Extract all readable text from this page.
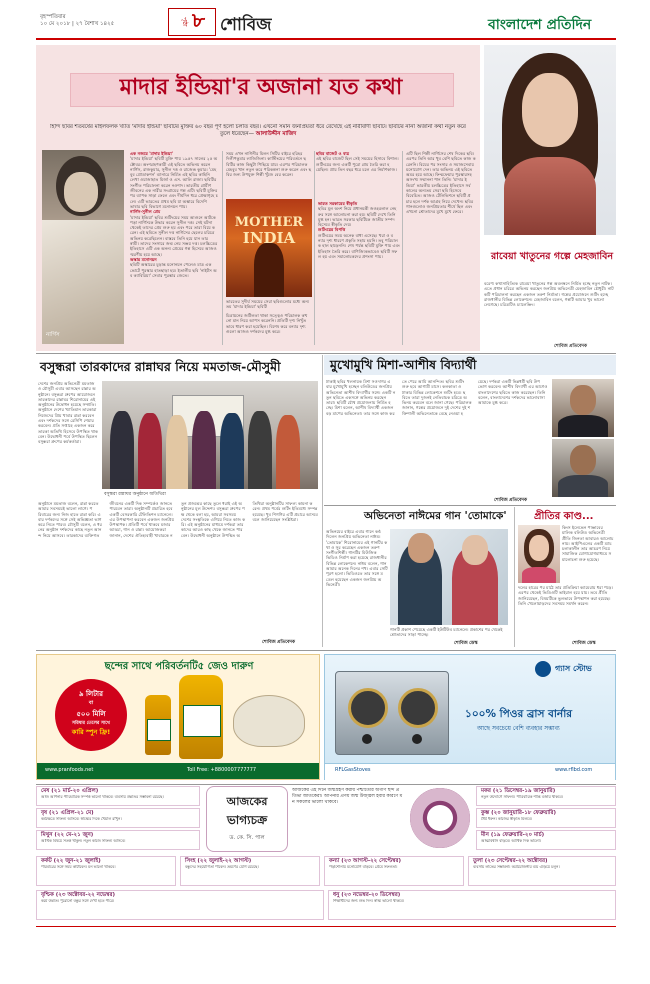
বৃহস্পতিবার
১০ মে ২০১৮ | ২৭ বৈশাখ ১৪২৫	পৃষ্ঠা ৮ শোবিজ	বাংলাদেশ প্রতিদিন
মাদার ইন্ডিয়া'র অজানা যত কথা
হিন্দি ছবির শতবর্ষের মাইলফলক খ্যাত 'মাদার ইন্ডিয়া' ছবিটির মুক্তির ৬০ বছর পূর্ণ হলো চলতি বছর। এখনো সমান জনপ্রিয়তা ধরে রেখেছে এই নারীবাদী ছবিটি। ছবিটির নানা অজানা কথা নতুন করে তুলে ধরেছেন— আলাউদ্দীন মাজিদ
নার্গিস
এক নজরে 'মাদার ইন্ডিয়া'
'মাদার ইন্ডিয়া' ছবিটি মুক্তি পায় ১৯৫৭ সালের ২৫ অক্টোবর। অংশগ্রহণকারী এই ছবিতে অভিনয় করেন নার্গিস, রাজকুমার, সুনীল দত্ত ও রাজেন্দ্র কুমার। 'মেহবুব প্রোডাকশন' ব্যানারে নির্মিত এই ছবির কাহিনি লেখা ওয়াজাহাত মির্জা ও এস. আলি রাজা। ছবিটির সংগীত পরিচালনা করেন নওশাদ। ভারতীয় গ্রামীণ জীবনের এক নারীর সংগ্রামের গল্প এটি। ছবিটি মুক্তির পর ব্যাপক সাড়া ফেলে এবং দীর্ঘদিন ধরে প্রেক্ষাগৃহে চলে। এটি ভারতের প্রথম ছবি যা অস্কারে বিদেশি ভাষার ছবি বিভাগে মনোনয়ন পায়।
নার্গিস-সুনীল প্রেম
'মাদার ইন্ডিয়া' ছবির শুটিংয়ের সময় আগুনে আটকে পড়া নার্গিসকে উদ্ধার করেন সুনীল দত্ত। সেই ঘটনা থেকেই তাদের প্রেম শুরু হয় এবং পরে তারা বিয়ে করেন। এই ছবিতে সুনীল দত্ত নার্গিসের ছেলের চরিত্রে অভিনয় করেছিলেন। বাস্তবে তিনি হয়ে যান তার স্বামী। তাদের সংসারে জন্ম নেয় সঞ্জয় দত্ত। চলচ্চিত্রের ইতিহাসে এটি এক অনন্য প্রেমের গল্প হিসেবে আজও স্মরণীয় হয়ে আছে।
অস্কার মনোনয়ন
ছবিটি অস্কারের চূড়ান্ত মনোনয়ন পেলেও মাত্র এক ভোটে পুরস্কার হাতছাড়া হয়। ইতালীয় ছবি 'নাইটস অব ক্যাবিরিয়া' সেবার পুরস্কার জেতে।
সময় এখন নাগিনীর মিলন সিটির বাইরে হরিহর দিলীপকুমার লাজিজিনা। কাস্টিংয়ের পরিবর্তনে ছবিটির কাজ কিছুটা পিছিয়ে যায়। এরপর পরিচালক মেহবুব খান নতুন করে পরিকল্পনা শুরু করেন এবং ছবির জন্য উপযুক্ত শিল্পী খুঁজে বের করেন।
ছবির বাজেট ও ব্যয়
এই ছবির বাজেট ছিল সেই সময়ের হিসাবে বিশাল। শুটিংয়ের জন্য একটি পুরো গ্রাম তৈরি করা হয়েছিল। প্রায় তিন বছর ধরে চলে এর নির্মাণকাজ।
MOTHER
INDIA
ভারতের সুদীর্ঘ সময়ের সেরা ছবিগুলোর মধ্যে অন্যতম 'মাদার ইন্ডিয়া' ছবিটি
চিত্রায়নের জটিলতা থাকা সত্ত্বেও পরিচালক কখনো মান নিয়ে আপস করেননি। প্রতিটি দৃশ্য নিখুঁতভাবে ধারণ করা হয়েছিল। বিশেষ করে বন্যার দৃশ্যগুলো আজও দর্শকদের মুগ্ধ করে।
ভারত সরকারের স্বীকৃতি
ছবির মূল অংশ নিয়ে প্রধানমন্ত্রী জওহরলাল নেহরুর সঙ্গে আলোচনা করা হয়। ছবিটি দেখে তিনি মুগ্ধ হন। ভারত সরকার ছবিটিকে জাতীয় সম্পদ হিসেবে স্বীকৃতি দেয়।
শুটিংয়ের বিপত্তি
শুটিংয়ের সময় অনেক বাধা এসেছে। খরা ও বন্যার দৃশ্য ধারণে প্রকৃতি সহায় হয়নি। তবু পরিচালক হাল ছাড়েননি। শেষ পর্যন্ত ছবিটি মুক্তি পায় এবং ইতিহাস তৈরি করে। বাণিজ্যিকভাবেও ছবিটি সফল হয় এবং সমালোচকদের প্রশংসা পায়।
এটি ছিল শিল্পী নার্গিসের শেষ দিকের ছবি। এরপর তিনি আর খুব বেশি ছবিতে কাজ করেননি। বিয়ের পর সংসার ও সমাজসেবায় মনোযোগ দেন। তার অভিনয় এই ছবিতে অমর হয়ে আছে। ফিল্মফেয়ার পুরস্কারসহ অসংখ্য সম্মাননা পান তিনি। 'মাদার ইন্ডিয়া' ভারতীয় চলচ্চিত্রের ইতিহাসে সর্বকালের অন্যতম সেরা ছবি হিসেবে বিবেচিত। আজও টেলিভিশনে ছবিটি প্রচার হলে দর্শক আগ্রহ নিয়ে দেখেন। ছবির গানগুলোও জনপ্রিয়তার শীর্ষে ছিল এবং এখনো শ্রোতাদের মুখে মুখে ফেরে।
রাবেয়া খাতুনের গল্পে মেহজাবিন
বরেণ্য কথাসাহিত্যিক রাবেয়া খাতুনের গল্প অবলম্বনে নির্মিত হচ্ছে নতুন নাটক। এতে প্রধান চরিত্রে অভিনয় করছেন জনপ্রিয় অভিনেত্রী মেহজাবিন চৌধুরী। নাটকটি পরিচালনা করছেন একজন তরুণ নির্মাতা। গল্পের প্রয়োজনে শুটিং হচ্ছে রাজধানীর বিভিন্ন লোকেশনে। মেহজাবিন বলেন, গল্পটি আমার খুব ভালো লেগেছে। চরিত্রটিও চ্যালেঞ্জিং।
শোবিজ প্রতিবেদক
বসুন্ধরা তারকাদের রান্নাঘর নিয়ে মমতাজ-মৌসুমী
দেশের জনপ্রিয় অভিনেত্রী মমতাজ ও মৌসুমী এবার আসছেন রান্নার অনুষ্ঠানে। বসুন্ধরা গ্রুপের আয়োজনে তারকাদের রান্নাঘর শিরোনামের এই অনুষ্ঠানের উদ্বোধন হয়েছে সম্প্রতি। অনুষ্ঠানে দেশের খ্যাতিমান তারকারা নিজেদের প্রিয় খাবার রান্না করবেন এবং দর্শকদের সঙ্গে রেসিপি শেয়ার করবেন। প্রতি সপ্তাহে একজন করে তারকা অতিথি হিসেবে উপস্থিত থাকবেন। উদ্বোধনী পর্বে উপস্থিত ছিলেন বসুন্ধরা গ্রুপের কর্মকর্তারা।
বসুন্ধরা রান্নাঘর অনুষ্ঠানে অতিথিরা
অনুষ্ঠানে মমতাজ বলেন, রান্না করতে আমার সবসময়ই ভালো লাগে। পরিবারের জন্য নিজ হাতে রান্না করি। এবার দর্শকদের সঙ্গে সেই অভিজ্ঞতা ভাগ করে নিতে পারব। মৌসুমী বলেন, এ ধরনের অনুষ্ঠান দর্শকদের কাছে নতুন আনন্দ নিয়ে আসবে। তারকাদের ব্যক্তিগত জীবনের একটি দিক সম্পর্কেও জানতে পারবেন তারা। অনুষ্ঠানটি প্রচারিত হবে একটি বেসরকারি টেলিভিশন চ্যানেলে। এর উপস্থাপনা করবেন একজন জনপ্রিয় উপস্থাপক। প্রতিটি পর্বে থাকবে মজার আড্ডা, গান ও রান্না। আয়োজকরা জানান, দেশের ঐতিহ্যবাহী খাবারকে নতুন প্রজন্মের কাছে তুলে ধরাই এই অনুষ্ঠানের মূল উদ্দেশ্য। বসুন্ধরা গ্রুপের পক্ষ থেকে বলা হয়, আমরা সবসময় দেশের সংস্কৃতিকে এগিয়ে নিতে কাজ করি। এই অনুষ্ঠানের মাধ্যমে দর্শকরা তারকাদের আরও কাছ থেকে জানতে পারবেন। উদ্বোধনী অনুষ্ঠানে উপস্থিত অতিথিরা অনুষ্ঠানটির সাফল্য কামনা করেন। প্রথম পর্বের শুটিং ইতিমধ্যে সম্পন্ন হয়েছে। খুব শিগগির এটি প্রচারে আসবে বলে জানিয়েছেন সংশ্লিষ্টরা।
শোবিজ প্রতিবেদক
মুখোমুখি মিশা-আশীষ বিদ্যার্থী
ঢাকাই ছবির খলনায়ক মিশা সওদাগর এবার মুখোমুখি হচ্ছেন বলিউডের জনপ্রিয় অভিনেতা আশীষ বিদ্যার্থীর সঙ্গে। একটি নতুন ছবিতে একসঙ্গে অভিনয় করছেন তারা। ছবিটি যৌথ প্রযোজনায় নির্মিত হচ্ছে। মিশা বলেন, আশীষ বিদ্যার্থী একজন বড় মাপের অভিনেতা। তার সঙ্গে কাজ করতে পেরে আমি আনন্দিত। ছবির শুটিং শুরু হবে আগামী মাসে। কলকাতা ও ঢাকার বিভিন্ন লোকেশনে শুটিং হবে। ছবিতে তারা দুজনই নেতিবাচক চরিত্রে অভিনয় করবেন বলে জানা গেছে। পরিচালক জানান, গল্পের প্রয়োজনে দুই দেশের দুই শক্তিশালী অভিনেতাকে বেছে নেওয়া হয়েছে। দর্শকরা একটি ভিন্নধর্মী ছবি উপভোগ করবেন। আশীষ বিদ্যার্থী এর আগেও বাংলাদেশের ছবিতে কাজ করেছেন। তিনি বলেন, বাংলাদেশের দর্শকদের ভালোবাসা আমাকে মুগ্ধ করে।
শোবিজ প্রতিবেদক
অভিনেতা নাঈমের গান 'তোমাকে'
অভিনয়ের বাইরে এবার গানে কণ্ঠ দিলেন জনপ্রিয় অভিনেতা নাঈম। 'তোমাকে' শিরোনামের এই গানটির কথা ও সুর করেছেন একজন তরুণ সংগীতশিল্পী। গানটির মিউজিক ভিডিও নির্মাণ করা হয়েছে রাজধানীর বিভিন্ন লোকেশনে। নাঈম বলেন, গান আমার অনেক দিনের শখ। এবার সেটি পূরণ হলো। ভিডিওতে তার সঙ্গে মডেল হয়েছেন একজন জনপ্রিয় অভিনেত্রী।
গানটি প্রকাশ পেয়েছে একটি ইউটিউব চ্যানেলে। প্রকাশের পর থেকেই শ্রোতাদের সাড়া পাচ্ছে।
শোবিজ ডেস্ক
প্রীতির কাণ্ড...
কিংস ইলেভেন পাঞ্জাবের মালিক বলিউড অভিনেত্রী প্রীতি জিনতা আবারও আলোচনায়। আইপিএলের একটি ম্যাচ চলাকালীন তার আচরণ নিয়ে সামাজিক যোগাযোগমাধ্যমে সমালোচনা শুরু হয়েছে।
দলের হারের পর মাঠে তার প্রতিক্রিয়া ক্যামেরায় ধরা পড়ে। এরপর থেকেই ভিডিওটি ভাইরাল হয়ে যায়। তবে প্রীতি জানিয়েছেন, বিষয়টিকে ভুলভাবে উপস্থাপন করা হয়েছে। তিনি খেলোয়াড়দের সবসময় সমর্থন করেন।
শোবিজ ডেস্ক
ছন্দের সাথে পরিবর্তনটি৫ জেও দারুণ
৯ লিটার
বা
৫০০ মিলি
সরিষার তেলের সাথে
কারি স্পুন ফ্রি!
www.pranfoods.net	Toll Free: +8800007777777
গ্যাস স্টোভ
১০০% পিওর ব্রাস বার্নার
আছে সবচেয়ে বেশি ব্যবহার সম্ভাব্য
RFLGasStoves	www.rflbd.com
মেষ (২১ মার্চ-২০ এপ্রিল)
আজ আপনার পারিবারিক সম্পর্ক ভালো থাকবে। ব্যবসায় উন্নতির সম্ভাবনা রয়েছে।
বৃষ (২১ এপ্রিল-২১ মে)
কর্মক্ষেত্রে সাফল্য আসবে। স্বাস্থ্যের দিকে খেয়াল রাখুন।
মিথুন (২২ মে-২১ জুন)
আর্থিক বিষয়ে সতর্ক থাকুন। নতুন কাজে সাফল্য আসবে।
আজকের
ভাগ্যচক্র
ড. কে. সি. পাল
আজকের এই দিনে জন্মগ্রহণ করায় পশ্চাত্যের অগণি ছন্দ প্রতিভা জাতকেরা। আপনার প্রণয় জন্ম উজ্জ্বল হবার কারণে মন সকলের ভালো থাকবে।
মকর (২১ ডিসেম্বর-১৯ জানুয়ারি)
নতুন উদ্যোগে সাফল্য। পারিবারিক শান্তি বজায় থাকবে।
কুম্ভ (২০ জানুয়ারি-১৮ ফেব্রুয়ারি)
ধৈর্য ধরুন। কাজের স্বীকৃতি মিলবে।
মীন (১৯ ফেব্রুয়ারি-২০ মার্চ)
আত্মবিশ্বাস বাড়বে। আর্থিক দিক ভালো।
কর্কট (২২ জুন-২১ জুলাই)
পরিবারের সঙ্গে সময় কাটাবেন। মন ভালো থাকবে।
সিংহ (২২ জুলাই-২২ আগস্ট)
বন্ধুদের সহযোগিতা পাবেন। ভ্রমণের যোগ রয়েছে।
কন্যা (২৩ আগস্ট-২২ সেপ্টেম্বর)
পড়াশোনায় মনোযোগ বাড়বে। প্রেমে সফলতা।
তুলা (২৩ সেপ্টেম্বর-২২ অক্টোবর)
ব্যবসায় লাভের সম্ভাবনা। অপ্রয়োজনীয় ব্যয় এড়িয়ে চলুন।
বৃশ্চিক (২৩ অক্টোবর-২২ নভেম্বর)
কর্মে উন্নতি। পুরোনো বন্ধুর সঙ্গে দেখা হতে পারে।
ধনু (২৩ নভেম্বর-২০ ডিসেম্বর)
শিক্ষার্থীদের জন্য শুভ দিন। স্বাস্থ্য ভালো থাকবে।
